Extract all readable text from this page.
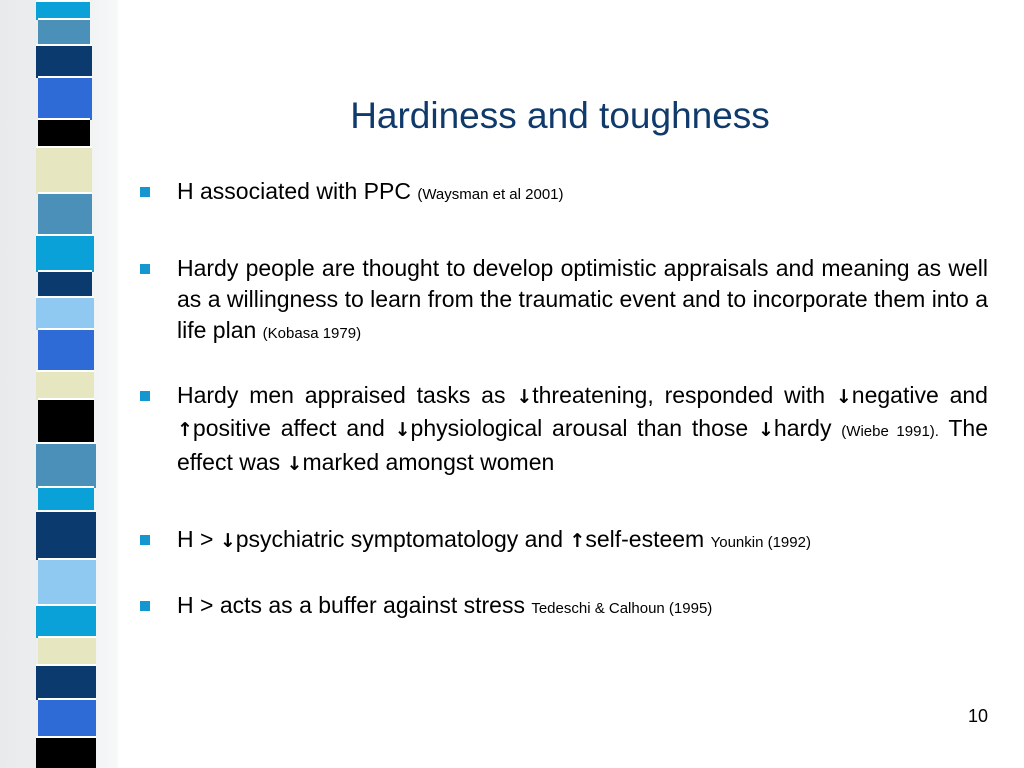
Hardiness and toughness
H associated with PPC (Waysman et al 2001)
Hardy people are thought to develop optimistic appraisals and meaning as well as a willingness to learn from the traumatic event and to incorporate them into a life plan (Kobasa 1979)
Hardy men appraised tasks as ↓threatening, responded with ↓negative and ↑positive affect and ↓physiological arousal than those ↓hardy (Wiebe 1991). The effect was ↓marked amongst women
H > ↓psychiatric symptomatology and ↑self-esteem Younkin (1992)
H > acts as a buffer against stress Tedeschi & Calhoun (1995)
10
